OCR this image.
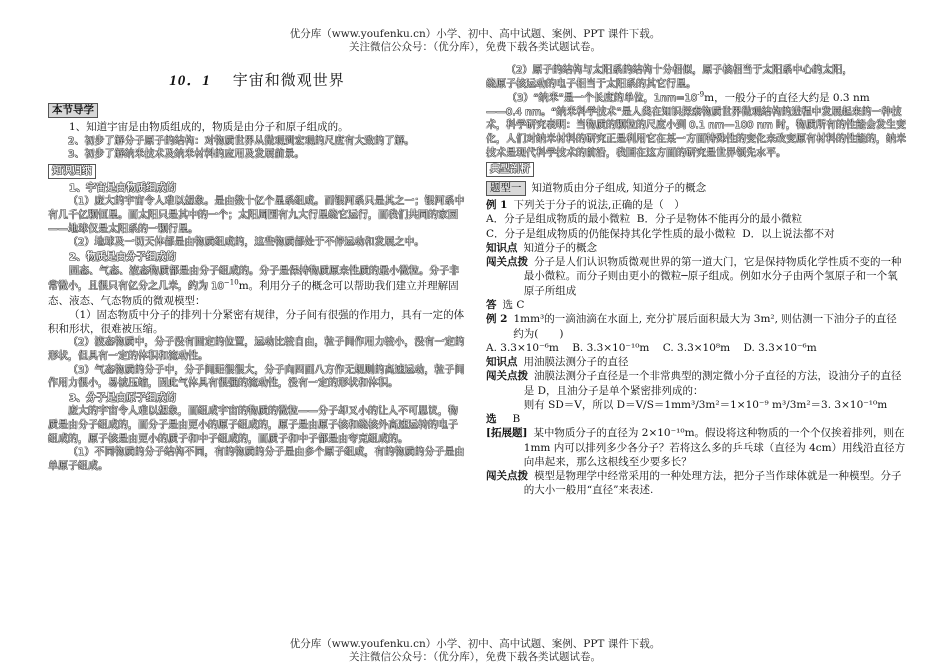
优分库（www.youfenku.cn）小学、初中、高中试题、案例、PPT 课件下载。
关注微信公众号：（优分库），免费下载各类试题试卷。
10．1 宇宙和微观世界
本节导学

1、知道宇宙是由物质组成的，物质是由分子和原子组成的。

2、初步了解分子原子的结构：对物质世界从微观到宏观的尺度有大致的了解。

3、初步了解纳米技术及纳米材料的应用及发展前景。

知识归纳

1、宇宙是由物质组成的

（1）庞大的宇宙令人难以想象。是由数十亿个星系组成。而银河系只是其之一；银河系中有几千亿颗恒星。而太阳只是其中的一个；太阳周围有九大行星绕它运行，而我们共同的家园——地球仅是太阳系的一颗行星。

（2）地球及一切天体都是由物质组成的，这些物质都处于不停运动和发展之中。

2、物质是由分子组成的

固态、气态、液态物质都是由分子组成的。分子是保持物质原来性质的最小微粒。分子非常微小，且很只有亿分之几米，约为 $10^{-10}m$。利用分子的概念可以帮助我们建立并理解固态、液态、气态物质的微观模型：

（1）固态物质中分子的排列十分紧密有规律，分子间有很强的作用力，具有一定的体积和形状，很难被压缩。

（2）液态物质中，分子没有固定的位置，运动比较自由，粒子间作用力较小，没有一定的形状，但具有一定的体积和流动性。

（3）气态物质的分子中，分子间距很很大，分子向四面八方作无规则的高速运动，粒子间作用力很小，易被压缩，因此气体具有很强的流动性，没有一定的形状和体积。

3、分子是由原子组成的

庞大的宇宙令人难以想象，而组成宇宙的物质的微粒——分子却又小的让人不可思议，物质是由分子组成的，而分子是由更小的原子组成的，原子是由原子核和绕核外高速运转的电子组成的，原子核是由更小的质子和中子组成的，而质子和中子都是由夸克组成的。

（1）不同物质的分子结构不同，有的物质的分子是由多个原子组成，有的物质的分子是由单原子组成。

（2）原子的结构与太阳系的结构十分相似，原子核相当于太阳系中心的太阳，

绕原子核运动的电子相当于太阳系的其它行星。

（3）“纳米”是一个长度的单位，$1nm=10^{-9}m$，一般分子的直径大约是 0.3 nm

——0.4 nm。“纳米科学技术”是人类在知识探索物质世界微观结构的进程中发展起来的一种技术，科学研究表明：当物质的颗粒的尺度小到 0.1 nm—100 nm 时，物质所有的性能会发生变化，人们对纳米材料的研究正是利用它在某一方面特殊性的变化来改变原有材料的性能的，纳米技术是现代科学技术的前沿，我国在这方面的研究是世界领先水平。

典型剖析

题型一 知道物质由分子组成, 知道分子的概念

例 1 下列关于分子的说法,正确的是（　）

A．分子是组成物质的最小微粒 B．分子是物体不能再分的最小微粒

C．分子是组成物质的仍能保持其化学性质的最小微粒 D．以上说法都不对

知识点 知道分子的概念

闯关点拨 分子是人们认识物质微观世界的第一道大门，它是保持物质化学性质不变的一种最小微粒。而分子则由更小的微粒─原子组成。例如水分子由两个氢原子和一个氧原子所组成

答 选 C

例 2 1mm³的一滴油滴在水面上, 充分扩展后面积最大为 3m², 则估测一下油分子的直径约为(　　)

A. 3.3×10⁻⁶m B. 3.3×10⁻¹⁰m C. 3.3×10⁸m D. 3.3×10⁻⁶m

知识点 用油膜法测分子的直径

闯关点拨 油膜法测分子直径是一个非常典型的测定微小分子直径的方法，设油分子的直径是 D，且油分子是单个紧密排列成的：

则有 SD＝V，所以 D＝V/S＝1mm³/3m²＝1×10⁻⁹ m³/3m²＝3. 3×10⁻¹⁰m

选 B

[拓展题] 某中物质分子的直径为 2×10⁻¹⁰m。假设将这种物质的一个个仅挨着排列，则在 1mm 内可以排列多少各分子？若将这么多的乒乓球（直径为 4cm）用线沿直径方向串起来，那么这根线至少要多长？

闯关点拨 模型是物理学中经常采用的一种处理方法，把分子当作球体就是一种模型。分子的大小一般用“直径”来表述.

优分库（www.youfenku.cn）小学、初中、高中试题、案例、PPT 课件下载。
关注微信公众号：（优分库），免费下载各类试题试卷。
